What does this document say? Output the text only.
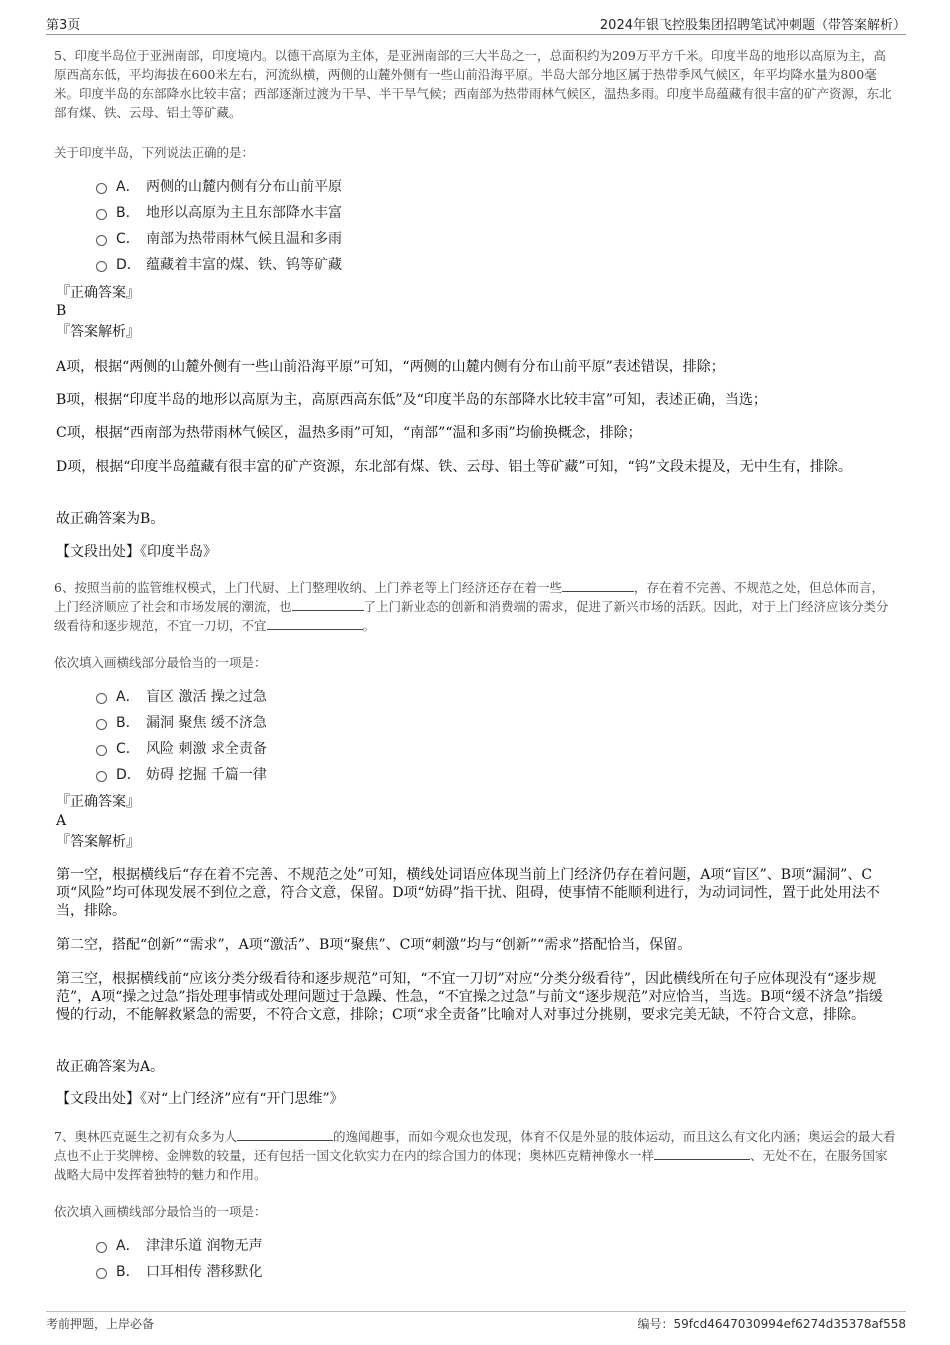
第3页	2024年银飞控股集团招聘笔试冲刺题（带答案解析）
5、印度半岛位于亚洲南部，印度境内。以德干高原为主体，是亚洲南部的三大半岛之一，总面积约为209万平方千米。印度半岛的地形以高原为主，高原西高东低，平均海拔在600米左右，河流纵横，两侧的山麓外侧有一些山前沿海平原。半岛大部分地区属于热带季风气候区，年平均降水量为800毫米。印度半岛的东部降水比较丰富；西部逐渐过渡为干旱、半干旱气候；西南部为热带雨林气候区，温热多雨。印度半岛蕴藏有很丰富的矿产资源，东北部有煤、铁、云母、铝土等矿藏。
关于印度半岛，下列说法正确的是：
A． 两侧的山麓内侧有分布山前平原
B． 地形以高原为主且东部降水丰富
C． 南部为热带雨林气候且温和多雨
D． 蕴藏着丰富的煤、铁、钨等矿藏
『正确答案』
B
『答案解析』
A项，根据“两侧的山麓外侧有一些山前沿海平原”可知，“两侧的山麓内侧有分布山前平原”表述错误，排除；
B项，根据“印度半岛的地形以高原为主，高原西高东低”及“印度半岛的东部降水比较丰富”可知，表述正确，当选；
C项，根据“西南部为热带雨林气候区，温热多雨”可知，“南部”“温和多雨”均偷换概念，排除；
D项，根据“印度半岛蕴藏有很丰富的矿产资源，东北部有煤、铁、云母、铝土等矿藏”可知，“钨”文段未提及，无中生有，排除。
故正确答案为B。
【文段出处】《印度半岛》
6、按照当前的监管维权模式，上门代厨、上门整理收纳、上门养老等上门经济还存在着一些	，存在着不完善、不规范之处，但总体而言，上门经济顺应了社会和市场发展的潮流，也	了上门新业态的创新和消费端的需求，促进了新兴市场的活跃。因此，对于上门经济应该分类分级看待和逐步规范，不宜一刀切，不宜	。
依次填入画横线部分最恰当的一项是：
A． 盲区 激活 操之过急
B． 漏洞 聚焦 缓不济急
C． 风险 刺激 求全责备
D． 妨碍 挖掘 千篇一律
『正确答案』
A
『答案解析』
第一空，根据横线后“存在着不完善、不规范之处”可知，横线处词语应体现当前上门经济仍存在着问题，A项“盲区”、B项“漏洞”、C项“风险”均可体现发展不到位之意，符合文意，保留。D项“妨碍”指干扰、阻碍，使事情不能顺利进行，为动词词性，置于此处用法不当，排除。
第二空，搭配“创新”“需求”，A项“激活”、B项“聚焦”、C项“刺激”均与“创新”“需求”搭配恰当，保留。
第三空，根据横线前“应该分类分级看待和逐步规范”可知，“不宜一刀切”对应“分类分级看待”，因此横线所在句子应体现没有“逐步规范”，A项“操之过急”指处理事情或处理问题过于急躁、性急，“不宜操之过急”与前文“逐步规范”对应恰当，当选。B项“缓不济急”指缓慢的行动，不能解救紧急的需要，不符合文意，排除；C项“求全责备”比喻对人对事过分挑剔，要求完美无缺，不符合文意，排除。
故正确答案为A。
【文段出处】《对“上门经济”应有“开门思维”》
7、奥林匹克诞生之初有众多为人	的逸闻趣事，而如今观众也发现，体育不仅是外显的肢体运动，而且这么有文化内涵；奥运会的最大看点也不止于奖牌榜、金牌数的较量，还有包括一国文化软实力在内的综合国力的体现；奥林匹克精神像水一样	、无处不在，在服务国家战略大局中发挥着独特的魅力和作用。
依次填入画横线部分最恰当的一项是：
A． 津津乐道 润物无声
B． 口耳相传 潜移默化
考前押题，上岸必备	编号：59fcd4647030994ef6274d35378af558
